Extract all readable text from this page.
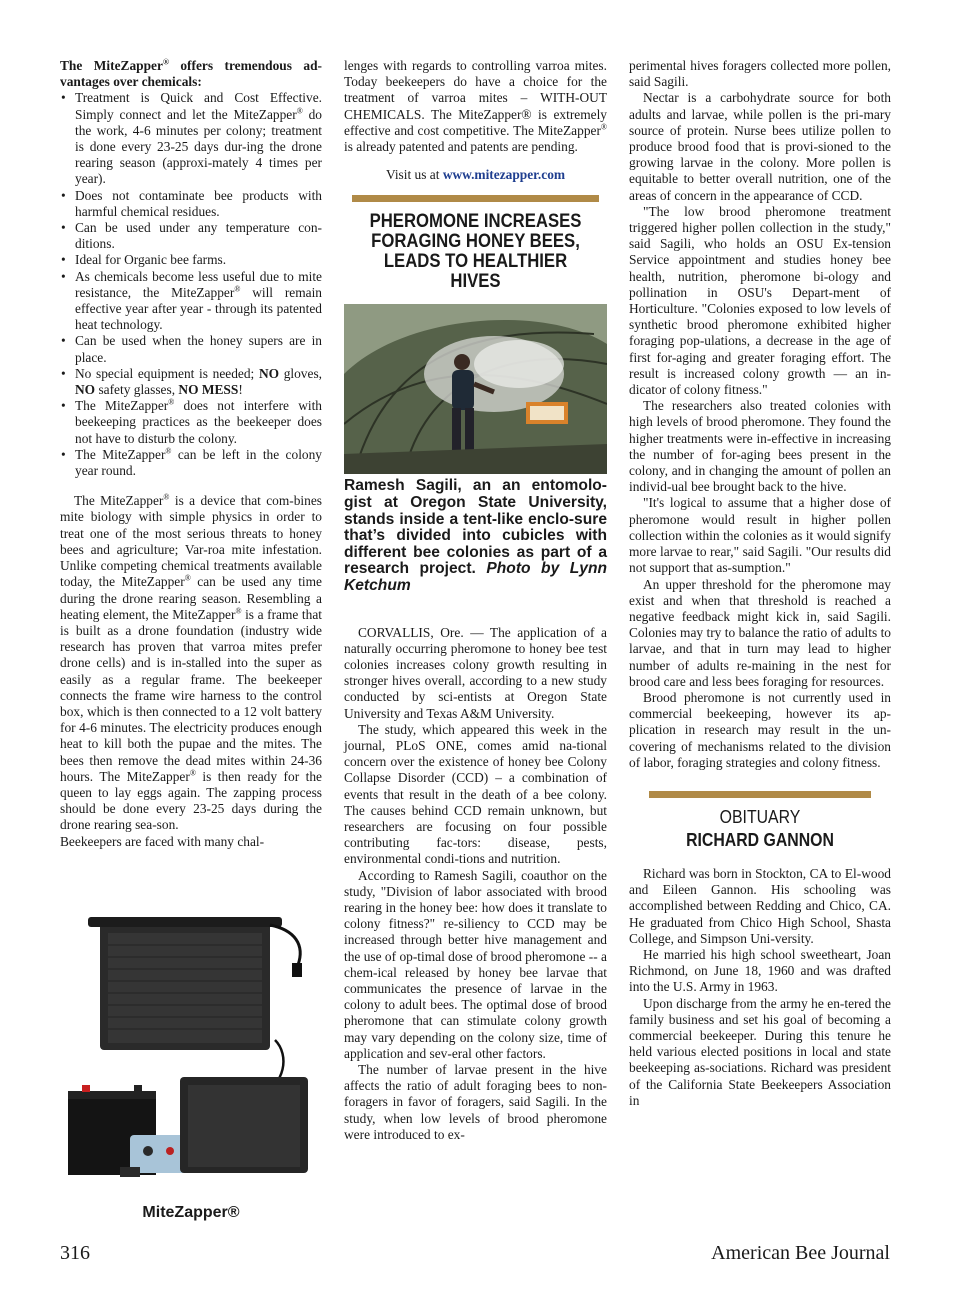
The MiteZapper® offers tremendous ad-vantages over chemicals:

• Treatment is Quick and Cost Effective. Simply connect and let the MiteZapper® do the work, 4-6 minutes per colony; treatment is done every 23-25 days dur-ing the drone rearing season (approxi-mately 4 times per year).
• Does not contaminate bee products with harmful chemical residues.
• Can be used under any temperature con-ditions.
• Ideal for Organic bee farms.
• As chemicals become less useful due to mite resistance, the MiteZapper® will remain effective year after year - through its patented heat technology.
• Can be used when the honey supers are in place.
• No special equipment is needed; NO gloves, NO safety glasses, NO MESS!
• The MiteZapper® does not interfere with beekeeping practices as the beekeeper does not have to disturb the colony.
• The MiteZapper® can be left in the colony year round.

The MiteZapper® is a device that com-bines mite biology with simple physics in order to treat one of the most serious threats to honey bees and agriculture; Var-roa mite infestation. Unlike competing chemical treatments available today, the MiteZapper® can be used any time during the drone rearing season. Resembling a heating element, the MiteZapper® is a frame that is built as a drone foundation (industry wide research has proven that varroa mites prefer drone cells) and is in-stalled into the super as easily as a regular frame. The beekeeper connects the frame wire harness to the control box, which is then connected to a 12 volt battery for 4-6 minutes. The electricity produces enough heat to kill both the pupae and the mites. The bees then remove the dead mites within 24-36 hours. The MiteZapper® is then ready for the queen to lay eggs again. The zapping process should be done every 23-25 days during the drone rearing sea-son.

Beekeepers are faced with many chal-

MiteZapper®

lenges with regards to controlling varroa mites. Today beekeepers do have a choice for the treatment of varroa mites – WITH-OUT CHEMICALS. The MiteZapper® is extremely effective and cost competitive. The MiteZapper® is already patented and patents are pending.

Visit us at www.mitezapper.com

PHEROMONE INCREASES FORAGING HONEY BEES, LEADS TO HEALTHIER HIVES

Ramesh Sagili, an an entomolo-gist at Oregon State University, stands inside a tent-like enclo-sure that’s divided into cubicles with different bee colonies as part of a research project. Photo by Lynn Ketchum

CORVALLIS, Ore. — The application of a naturally occurring pheromone to honey bee test colonies increases colony growth resulting in stronger hives overall, according to a new study conducted by sci-entists at Oregon State University and Texas A&M University.

The study, which appeared this week in the journal, PLoS ONE, comes amid na-tional concern over the existence of honey bee Colony Collapse Disorder (CCD) – a combination of events that result in the death of a bee colony. The causes behind CCD remain unknown, but researchers are focusing on four possible contributing fac-tors: disease, pests, environmental condi-tions and nutrition.

According to Ramesh Sagili, coauthor on the study, "Division of labor associated with brood rearing in the honey bee: how does it translate to colony fitness?" re-siliency to CCD may be increased through better hive management and the use of op-timal dose of brood pheromone -- a chem-ical released by honey bee larvae that communicates the presence of larvae in the colony to adult bees. The optimal dose of brood pheromone that can stimulate colony growth may vary depending on the colony size, time of application and sev-eral other factors.

The number of larvae present in the hive affects the ratio of adult foraging bees to non-foragers in favor of foragers, said Sagili. In the study, when low levels of brood pheromone were introduced to ex-

perimental hives foragers collected more pollen, said Sagili.

Nectar is a carbohydrate source for both adults and larvae, while pollen is the pri-mary source of protein. Nurse bees utilize pollen to produce brood food that is provi-sioned to the growing larvae in the colony. More pollen is equitable to better overall nutrition, one of the areas of concern in the appearance of CCD.

"The low brood pheromone treatment triggered higher pollen collection in the study," said Sagili, who holds an OSU Ex-tension Service appointment and studies honey bee health, nutrition, pheromone bi-ology and pollination in OSU's Depart-ment of Horticulture. "Colonies exposed to low levels of synthetic brood pheromone exhibited higher foraging pop-ulations, a decrease in the age of first for-aging and greater foraging effort. The result is increased colony growth — an in-dicator of colony fitness."

The researchers also treated colonies with high levels of brood pheromone. They found the higher treatments were in-effective in increasing the number of for-aging bees present in the colony, and in changing the amount of pollen an individ-ual bee brought back to the hive.

"It's logical to assume that a higher dose of pheromone would result in higher pollen collection within the colonies as it would signify more larvae to rear," said Sagili. "Our results did not support that as-sumption."

An upper threshold for the pheromone may exist and when that threshold is reached a negative feedback might kick in, said Sagili. Colonies may try to balance the ratio of adults to larvae, and that in turn may lead to higher number of adults re-maining in the nest for brood care and less bees foraging for resources.

Brood pheromone is not currently used in commercial beekeeping, however its ap-plication in research may result in the un-covering of mechanisms related to the division of labor, foraging strategies and colony fitness.

OBITUARY
RICHARD GANNON

Richard was born in Stockton, CA to El-wood and Eileen Gannon. His schooling was accomplished between Redding and Chico, CA. He graduated from Chico High School, Shasta College, and Simpson Uni-versity.

He married his high school sweetheart, Joan Richmond, on June 18, 1960 and was drafted into the U.S. Army in 1963.

Upon discharge from the army he en-tered the family business and set his goal of becoming a commercial beekeeper. During this tenure he held various elected positions in local and state beekeeping as-sociations. Richard was president of the California State Beekeepers Association in

316	American Bee Journal
